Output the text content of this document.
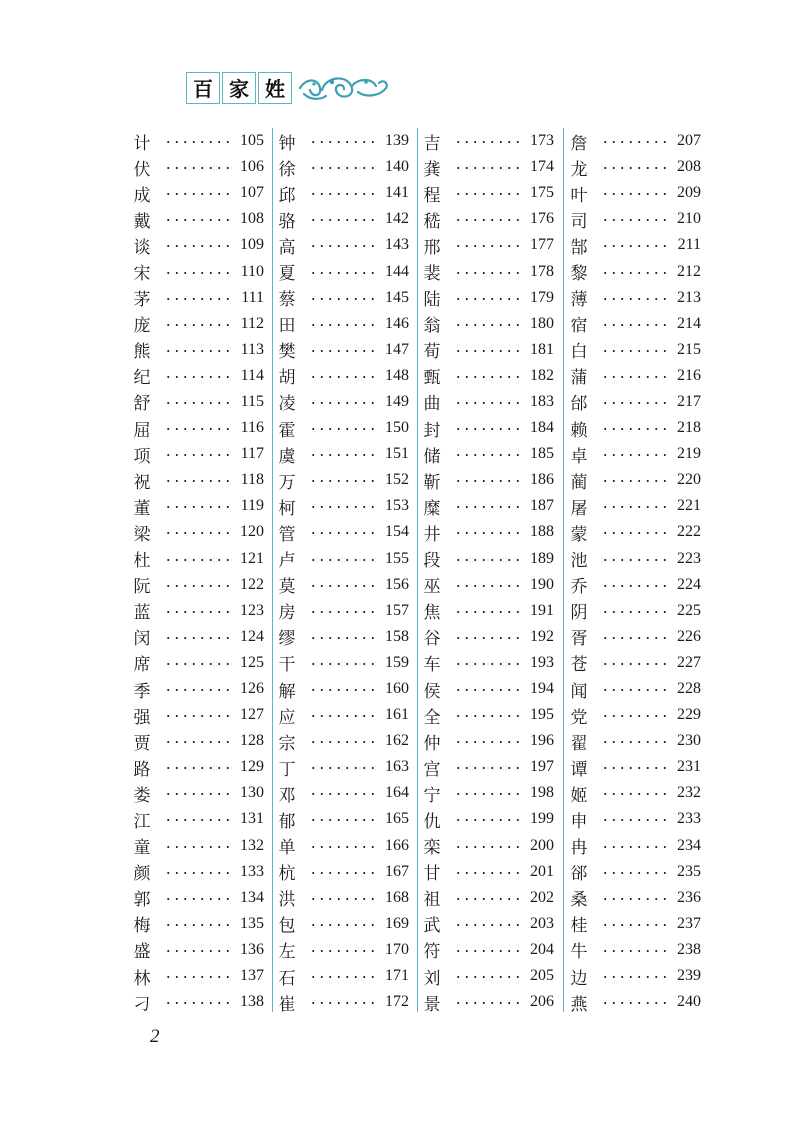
百 家 姓
计	105
伏	106
成	107
戴	108
谈	109
宋	110
茅	111
庞	112
熊	113
纪	114
舒	115
屈	116
项	117
祝	118
董	119
梁	120
杜	121
阮	122
蓝	123
闵	124
席	125
季	126
强	127
贾	128
路	129
娄	130
江	131
童	132
颜	133
郭	134
梅	135
盛	136
林	137
刁	138
钟	139
徐	140
邱	141
骆	142
高	143
夏	144
蔡	145
田	146
樊	147
胡	148
凌	149
霍	150
虞	151
万	152
柯	153
管	154
卢	155
莫	156
房	157
缪	158
干	159
解	160
应	161
宗	162
丁	163
邓	164
郁	165
单	166
杭	167
洪	168
包	169
左	170
石	171
崔	172
吉	173
龚	174
程	175
嵇	176
邢	177
裴	178
陆	179
翁	180
荀	181
甄	182
曲	183
封	184
储	185
靳	186
糜	187
井	188
段	189
巫	190
焦	191
谷	192
车	193
侯	194
全	195
仲	196
宫	197
宁	198
仇	199
栾	200
甘	201
祖	202
武	203
符	204
刘	205
景	206
詹	207
龙	208
叶	209
司	210
郜	211
黎	212
薄	213
宿	214
白	215
蒲	216
邰	217
赖	218
卓	219
蔺	220
屠	221
蒙	222
池	223
乔	224
阴	225
胥	226
苍	227
闻	228
党	229
翟	230
谭	231
姬	232
申	233
冉	234
郤	235
桑	236
桂	237
牛	238
边	239
燕	240
2
